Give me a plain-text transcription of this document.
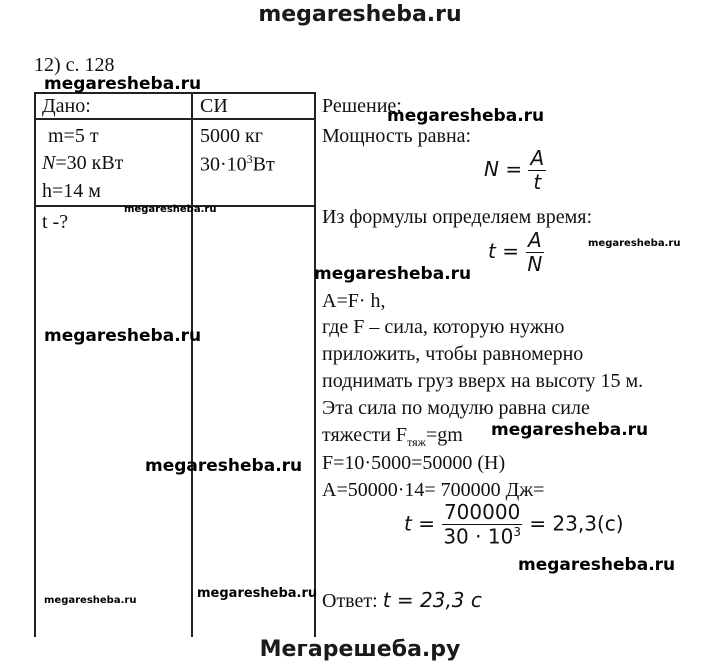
megaresheba.ru
Мегарешеба.ру
12) с. 128
Дано:
m=5 т
N=30 кВт
h=14 м
t -?
СИ
5000 кг
$30\cdot 10^3Вт$
Решение:
Мощность равна:
$N = \frac{A}{t}$
Из формулы определяем время:
$t = \frac{A}{N}$
A=F· h,
где F – сила, которую нужно
приложить, чтобы равномерно
поднимать груз вверх на высоту 15 м.
Эта сила по модулю равна силе
тяжести $F_{тяж}=gm$
F=10·5000=50000 (H)
A=50000·14= 700000 Дж=
$t = \frac{700000}{30 \cdot 10^3} = 23,3(c)$
Ответ: t = 23,3 с
megaresheba.ru
megaresheba.ru
megaresheba.ru
megaresheba.ru
megaresheba.ru
megaresheba.ru
megaresheba.ru
megaresheba.ru
megaresheba.ru
megaresheba.ru	megaresheba.ru
